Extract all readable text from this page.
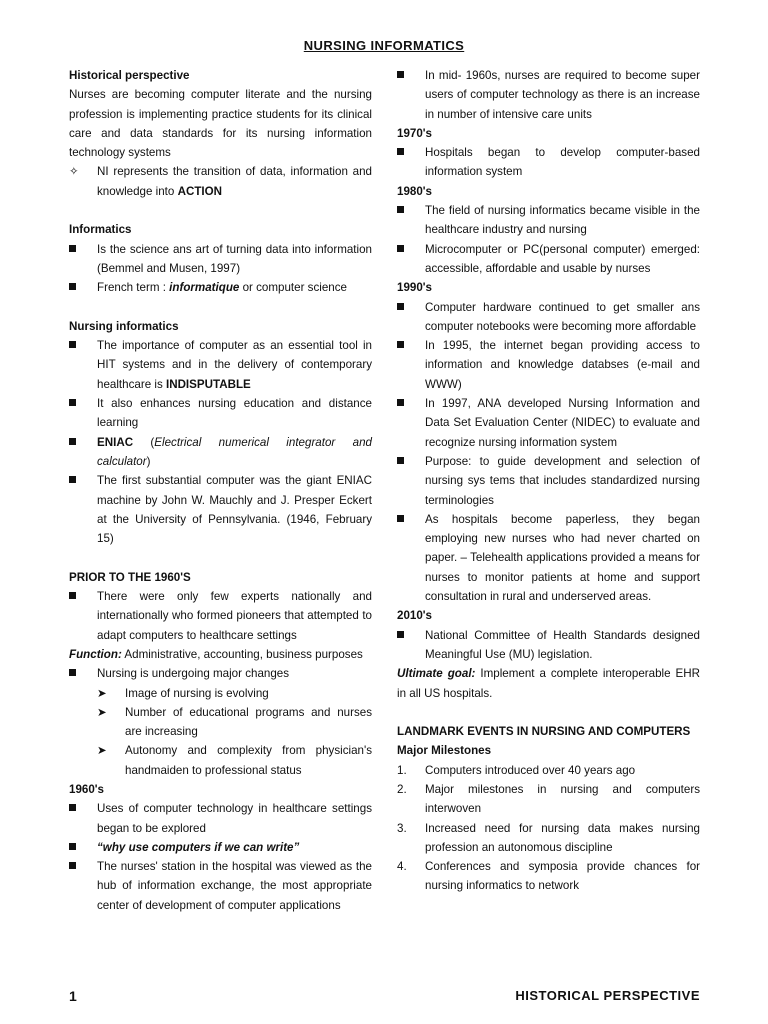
NURSING INFORMATICS
Historical perspective
Nurses are becoming computer literate and the nursing profession is implementing practice students for its clinical care and data standards for its nursing information technology systems
✧	NI represents the transition of data, information and knowledge into ACTION
Informatics
Is the science ans art of turning data into information (Bemmel and Musen, 1997)
French term : informatique or computer science
Nursing informatics
The importance of computer as an essential tool in HIT systems and in the delivery of contemporary healthcare is INDISPUTABLE
It also enhances nursing education and distance learning
ENIAC (Electrical numerical integrator and calculator)
The first substantial computer was the giant ENIAC machine by John W. Mauchly and J. Presper Eckert at the University of Pennsylvania. (1946, February 15)
PRIOR TO THE 1960'S
There were only few experts nationally and internationally who formed pioneers that attempted to adapt computers to healthcare settings
Function: Administrative, accounting, business purposes
Nursing is undergoing major changes
➤	Image of nursing is evolving
➤	Number of educational programs and nurses are increasing
➤	Autonomy and complexity from physician's handmaiden to professional status
1960's
Uses of computer technology in healthcare settings began to be explored
“why use computers if we can write”
The nurses' station in the hospital was viewed as the hub of information exchange, the most appropriate center of development of computer applications
In mid- 1960s, nurses are required to become super users of computer technology as there is an increase in number of intensive care units
1970's
Hospitals began to develop computer-based information system
1980's
The field of nursing informatics became visible in the healthcare industry and nursing
Microcomputer or PC(personal computer) emerged: accessible, affordable and usable by nurses
1990's
Computer hardware continued to get smaller ans computer notebooks were becoming more affordable
In 1995, the internet began providing access to information and knowledge databses (e-mail and WWW)
In 1997, ANA developed Nursing Information and Data Set Evaluation Center (NIDEC) to evaluate and recognize nursing information system
Purpose: to guide development and selection of nursing sys tems that includes standardized nursing terminologies
As hospitals become paperless, they began employing new nurses who had never charted on paper. – Telehealth applications provided a means for nurses to monitor patients at home and support consultation in rural and underserved areas.
2010's
National Committee of Health Standards designed Meaningful Use (MU) legislation.
Ultimate goal: Implement a complete interoperable EHR in all US hospitals.
LANDMARK EVENTS IN NURSING AND COMPUTERS
Major Milestones
1.	Computers introduced over 40 years ago
2.	Major milestones in nursing and computers interwoven
3.	Increased need for nursing data makes nursing profession an autonomous discipline
4.	Conferences and symposia provide chances for nursing informatics to network
1	HISTORICAL PERSPECTIVE
